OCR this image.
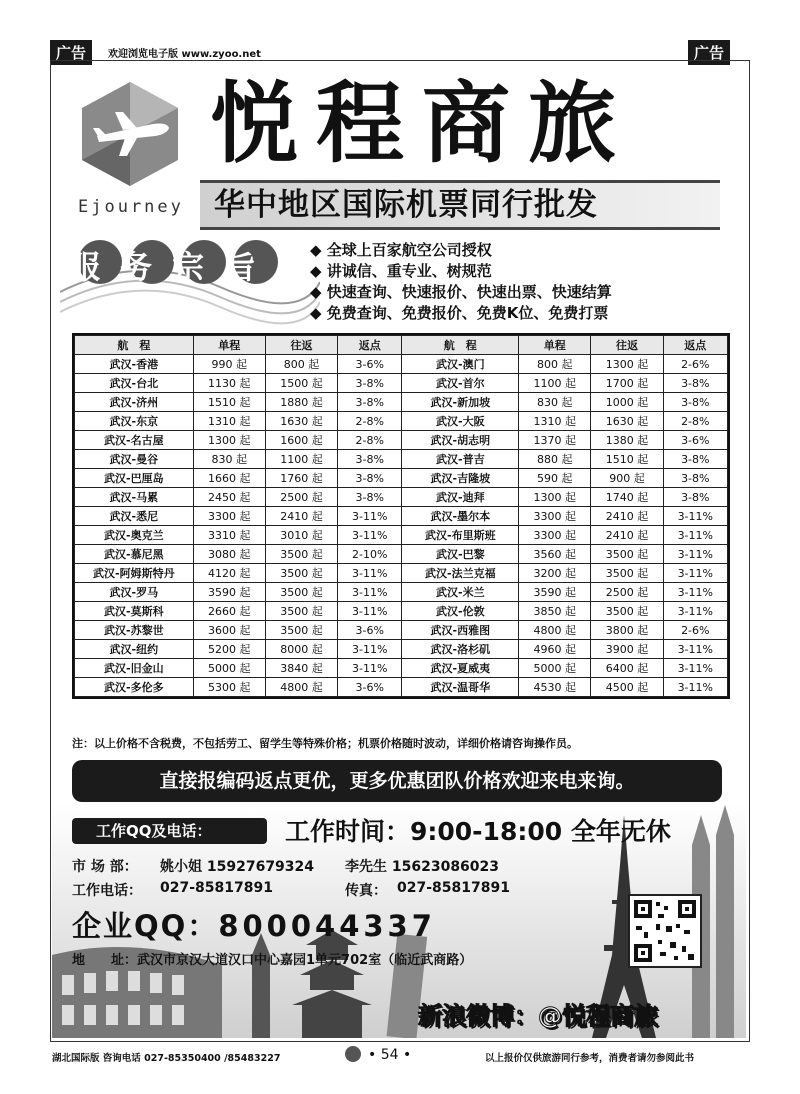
广告	欢迎浏览电子版 www.zyoo.net	广告
Ejourney
悦程商旅
华中地区国际机票同行批发
服务宗旨 ◆ 全球上百家航空公司授权
◆ 讲诚信、重专业、树规范
◆ 快速查询、快速报价、快速出票、快速结算
◆ 免费查询、免费报价、免费K位、免费打票
航　程	单程	往返	返点	航　程	单程	往返	返点
武汉-香港	990 起	800 起	3-6%	武汉-澳门	800 起	1300 起	2-6%
武汉-台北	1130 起	1500 起	3-8%	武汉-首尔	1100 起	1700 起	3-8%
武汉-济州	1510 起	1880 起	3-8%	武汉-新加坡	830 起	1000 起	3-8%
武汉-东京	1310 起	1630 起	2-8%	武汉-大阪	1310 起	1630 起	2-8%
武汉-名古屋	1300 起	1600 起	2-8%	武汉-胡志明	1370 起	1380 起	3-6%
武汉-曼谷	830 起	1100 起	3-8%	武汉-普吉	880 起	1510 起	3-8%
武汉-巴厘岛	1660 起	1760 起	3-8%	武汉-吉隆坡	590 起	900 起	3-8%
武汉-马累	2450 起	2500 起	3-8%	武汉-迪拜	1300 起	1740 起	3-8%
武汉-悉尼	3300 起	2410 起	3-11%	武汉-墨尔本	3300 起	2410 起	3-11%
武汉-奥克兰	3310 起	3010 起	3-11%	武汉-布里斯班	3300 起	2410 起	3-11%
武汉-慕尼黑	3080 起	3500 起	2-10%	武汉-巴黎	3560 起	3500 起	3-11%
武汉-阿姆斯特丹	4120 起	3500 起	3-11%	武汉-法兰克福	3200 起	3500 起	3-11%
武汉-罗马	3590 起	3500 起	3-11%	武汉-米兰	3590 起	2500 起	3-11%
武汉-莫斯科	2660 起	3500 起	3-11%	武汉-伦敦	3850 起	3500 起	3-11%
武汉-苏黎世	3600 起	3500 起	3-6%	武汉-西雅图	4800 起	3800 起	2-6%
武汉-纽约	5200 起	8000 起	3-11%	武汉-洛杉矶	4960 起	3900 起	3-11%
武汉-旧金山	5000 起	3840 起	3-11%	武汉-夏威夷	5000 起	6400 起	3-11%
武汉-多伦多	5300 起	4800 起	3-6%	武汉-温哥华	4530 起	4500 起	3-11%
注：以上价格不含税费，不包括劳工、留学生等特殊价格；机票价格随时波动，详细价格请咨询操作员。
直接报编码返点更优，更多优惠团队价格欢迎来电来询。
工作QQ及电话：	工作时间：9:00-18:00 全年无休
市 场 部： 姚小姐 15927679324 李先生 15623086023
工作电话： 027-85817891	传真： 027-85817891
企业QQ：800044337
地　　址：武汉市京汉大道汉口中心嘉园1单元702室（临近武商路）
新浪微博：@悦程商旅
湖北国际版 咨询电话 027-85350400 /85483227	• 54 •	以上报价仅供旅游同行参考，消费者请勿参阅此书
